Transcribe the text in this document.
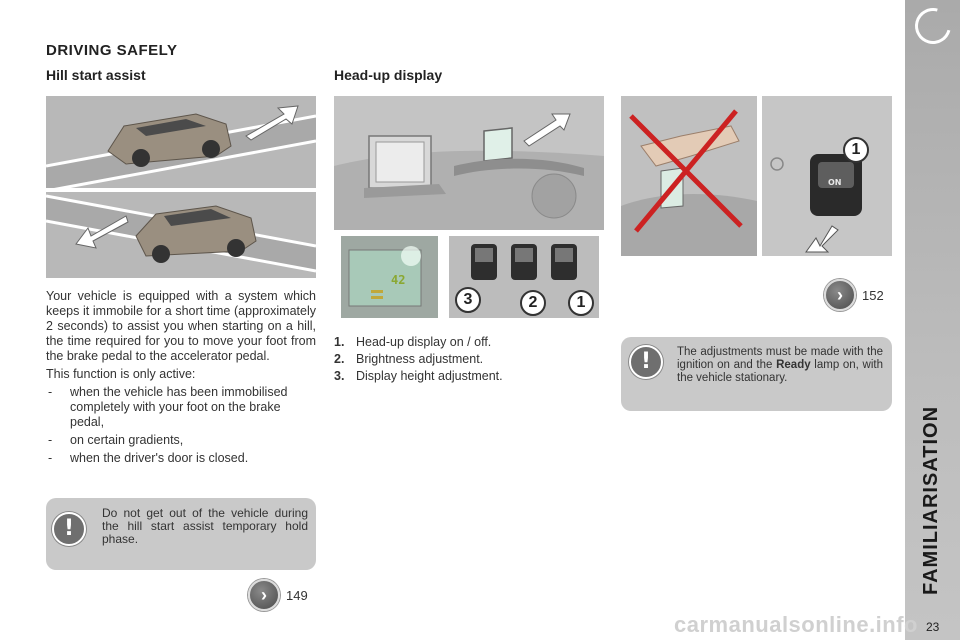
FAMILIARISATION
23
DRIVING SAFELY
Hill start assist

Your vehicle is equipped with a system which keeps it immobile for a short time (approximately 2 seconds) to assist you when starting on a hill, the time required for you to move your foot from the brake pedal to the accelerator pedal.

This function is only active:

- when the vehicle has been immobilised completely with your foot on the brake pedal,
- on certain gradients,
- when the driver's door is closed.
!
Do not get out of the vehicle during the hill start assist temporary hold phase.
›	149
Head-up display
42
3	2	1
1. Head-up display on / off.
2. Brightness adjustment.
3. Display height adjustment.
ON
1
›	152
!	The adjustments must be made with the ignition on and the Ready lamp on, with the vehicle stationary.
carmanualsonline.info
